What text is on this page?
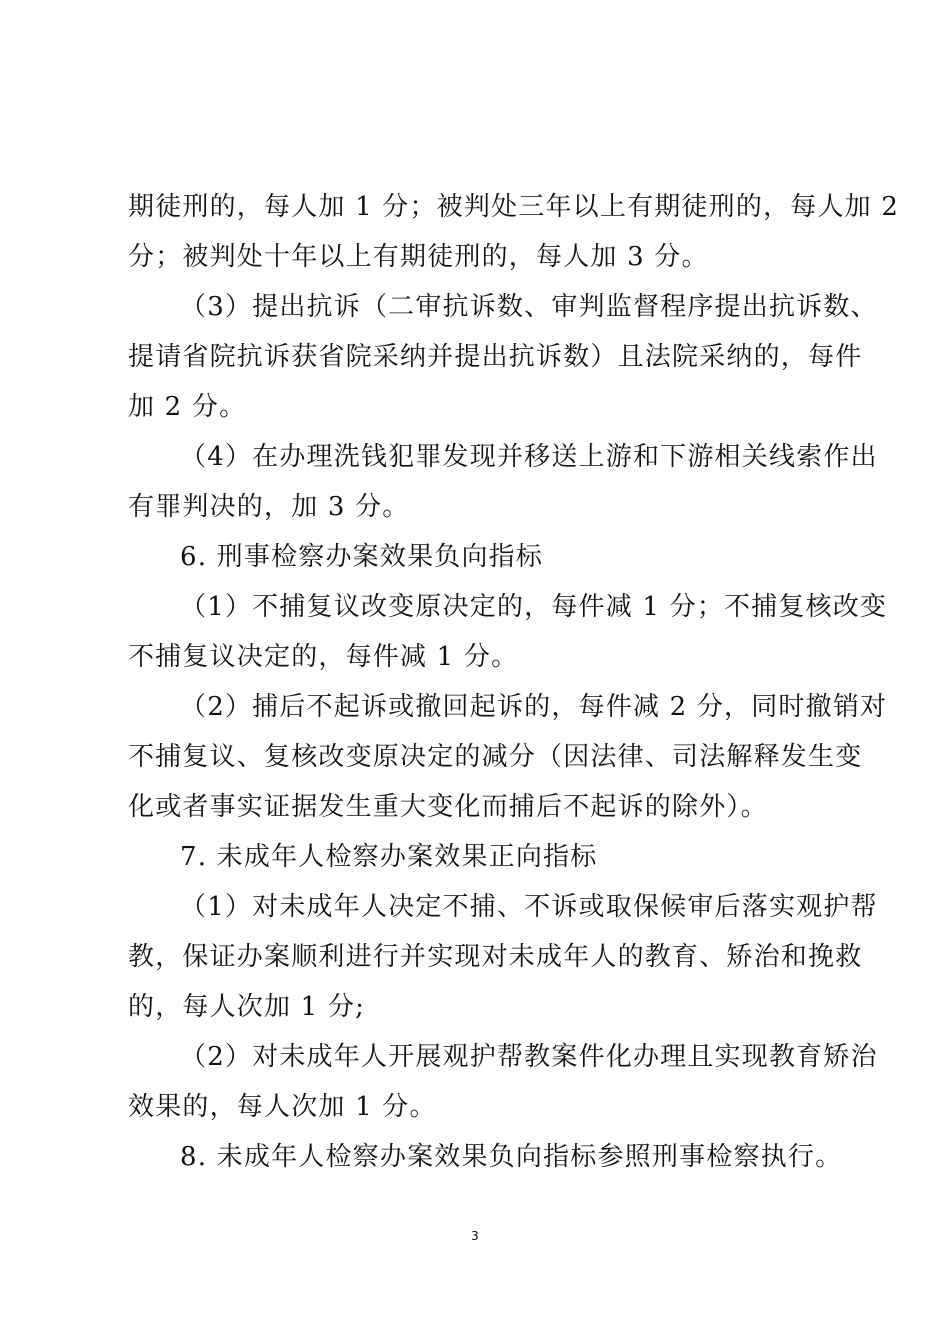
期徒刑的，每人加 1 分；被判处三年以上有期徒刑的，每人加 2
分；被判处十年以上有期徒刑的，每人加 3 分。
（3）提出抗诉（二审抗诉数、审判监督程序提出抗诉数、
提请省院抗诉获省院采纳并提出抗诉数）且法院采纳的，每件
加 2 分。
（4）在办理洗钱犯罪发现并移送上游和下游相关线索作出
有罪判决的，加 3 分。
6. 刑事检察办案效果负向指标
（1）不捕复议改变原决定的，每件减 1 分；不捕复核改变
不捕复议决定的，每件减 1 分。
（2）捕后不起诉或撤回起诉的，每件减 2 分，同时撤销对
不捕复议、复核改变原决定的减分（因法律、司法解释发生变
化或者事实证据发生重大变化而捕后不起诉的除外）。
7. 未成年人检察办案效果正向指标
（1）对未成年人决定不捕、不诉或取保候审后落实观护帮
教，保证办案顺利进行并实现对未成年人的教育、矫治和挽救
的，每人次加 1 分;
（2）对未成年人开展观护帮教案件化办理且实现教育矫治
效果的，每人次加 1 分。
8. 未成年人检察办案效果负向指标参照刑事检察执行。
3
